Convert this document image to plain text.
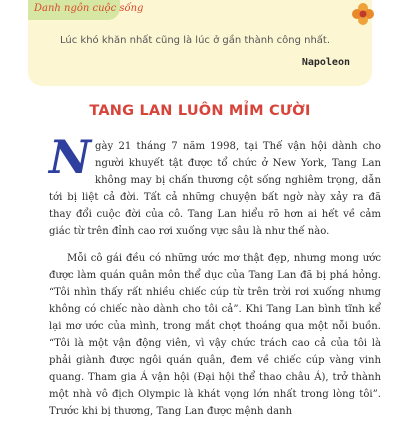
Danh ngôn cuộc sống
Lúc khó khăn nhất cũng là lúc ở gần thành công nhất.
Napoleon
TANG LAN LUÔN MỈM CƯỜI

Ngày 21 tháng 7 năm 1998, tại Thế vận hội dành cho người khuyết tật được tổ chức ở New York, Tang Lan không may bị chấn thương cột sống nghiêm trọng, dẫn tới bị liệt cả đời. Tất cả những chuyện bất ngờ này xảy ra đã thay đổi cuộc đời của cô. Tang Lan hiểu rõ hơn ai hết về cảm giác từ trên đỉnh cao rơi xuống vực sâu là như thế nào.

Mỗi cô gái đều có những ước mơ thật đẹp, nhưng mong ước được làm quán quân môn thể dục của Tang Lan đã bị phá hỏng. “Tôi nhìn thấy rất nhiều chiếc cúp từ trên trời rơi xuống nhưng không có chiếc nào dành cho tôi cả”. Khi Tang Lan bình tĩnh kể lại mơ ước của mình, trong mắt chợt thoáng qua một nỗi buồn. “Tôi là một vận động viên, vì vậy chức trách cao cả của tôi là phải giành được ngôi quán quân, đem về chiếc cúp vàng vinh quang. Tham gia Á vận hội (Đại hội thể thao châu Á), trở thành một nhà vô địch Olympic là khát vọng lớn nhất trong lòng tôi”. Trước khi bị thương, Tang Lan được mệnh danh
